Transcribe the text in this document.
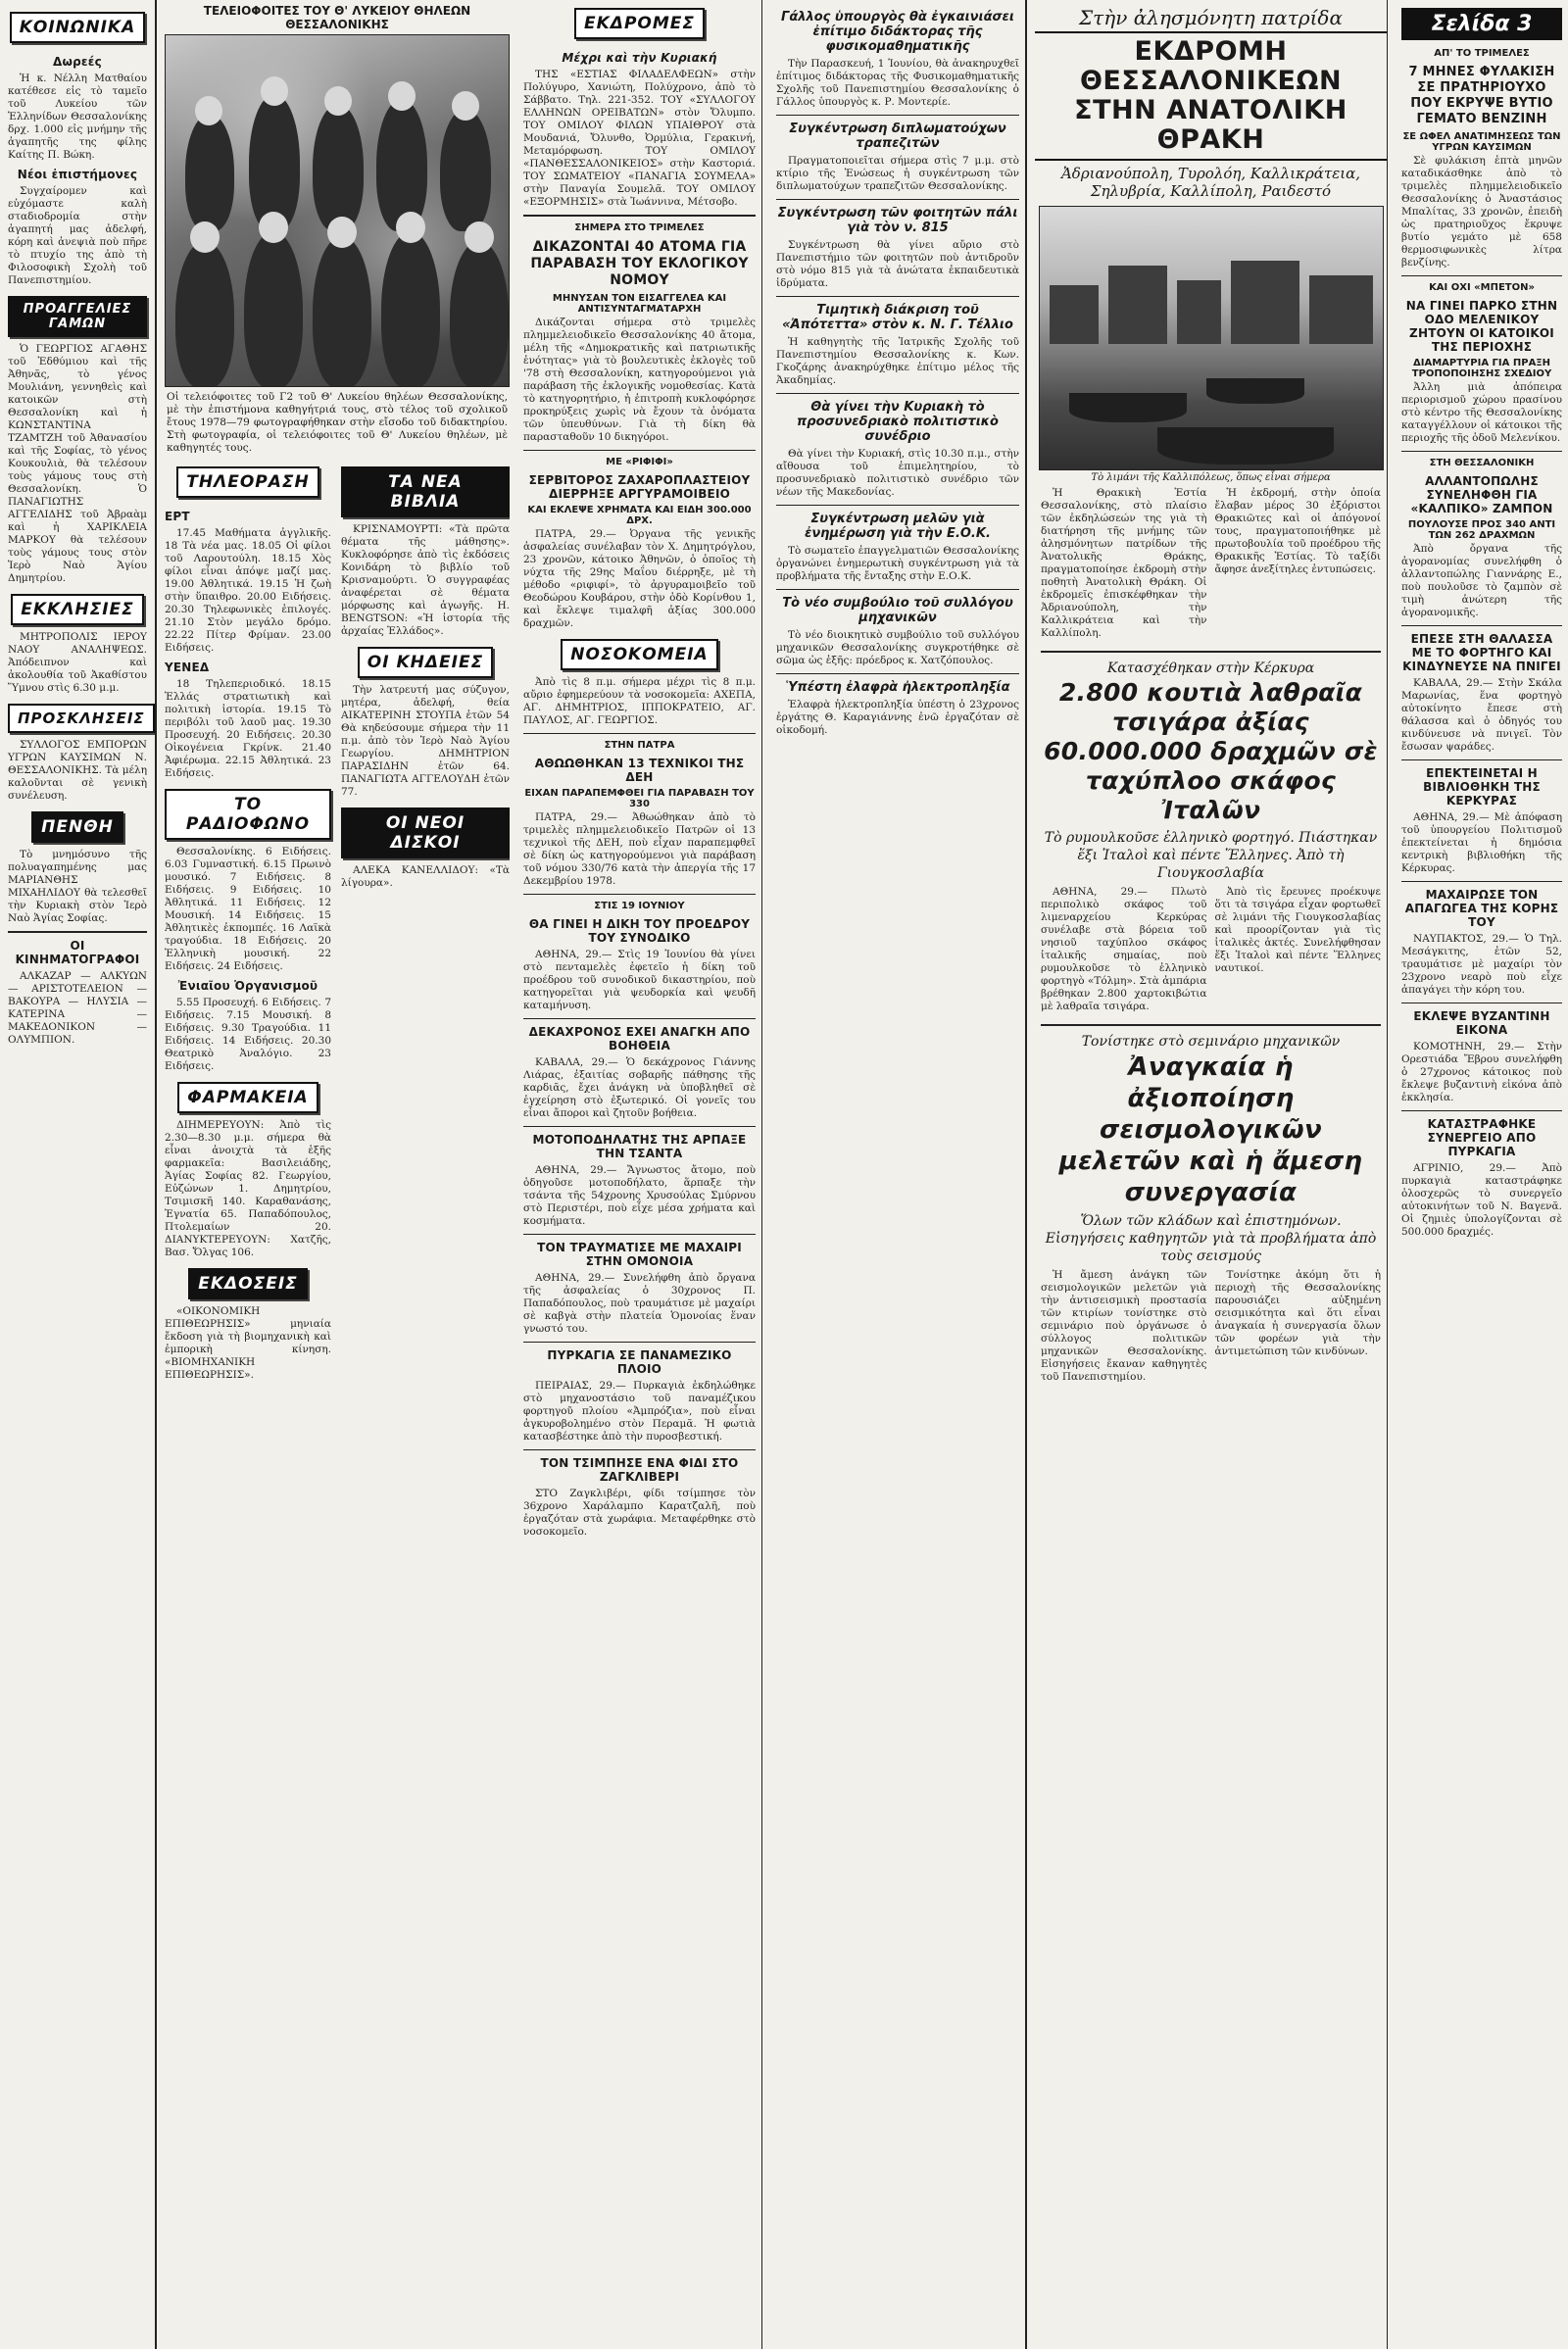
ΚΟΙΝΩΝΙΚΑ
Δωρεές

Ἡ κ. Νέλλη Ματθαίου κατέθεσε εἰς τὸ ταμεῖο τοῦ Λυκείου τῶν Ἑλληνίδων Θεσσαλονίκης δρχ. 1.000 εἰς μνήμην τῆς ἀγαπητῆς της φίλης Καίτης Π. Βώκη.

Νέοι ἐπιστήμονες

Συγχαίρομεν καὶ εὐχόμαστε καλὴ σταδιοδρομία στὴν ἀγαπητή μας ἀδελφή, κόρη καὶ ἀνεψιὰ ποὺ πῆρε τὸ πτυχίο της ἀπὸ τὴ Φιλοσοφικὴ Σχολὴ τοῦ Πανεπιστημίου.

ΠΡΟΑΓΓΕΛΙΕΣ ΓΑΜΩΝ

Ὁ ΓΕΩΡΓΙΟΣ ΑΓΑΘΗΣ τοῦ Ἐδθύμιου καὶ τῆς Ἀθηνᾶς, τὸ γένος Μουλιάνη, γεννηθεὶς καὶ κατοικῶν στὴ Θεσσαλονίκη καὶ ἡ ΚΩΝΣΤΑΝΤΙΝΑ ΤΖΑΜΤΖΗ τοῦ Ἀθανασίου καὶ τῆς Σοφίας, τὸ γένος Κουκουλιὰ, θὰ τελέσουν τοὺς γάμους τους στὴ Θεσσαλονίκη. Ὁ ΠΑΝΑΓΙΩΤΗΣ ΑΓΓΕΛΙΔΗΣ τοῦ Ἀβραὰμ καὶ ἡ ΧΑΡΙΚΛΕΙΑ ΜΑΡΚΟΥ θὰ τελέσουν τοὺς γάμους τους στὸν Ἱερὸ Ναὸ Ἁγίου Δημητρίου.

ΕΚΚΛΗΣΙΕΣ

ΜΗΤΡΟΠΟΛΙΣ ΙΕΡΟΥ ΝΑΟΥ ΑΝΑΛΗΨΕΩΣ. Ἀπόδειπνον καὶ ἀκολουθία τοῦ Ἀκαθίστου Ὕμνου στὶς 6.30 μ.μ.

ΠΡΟΣΚΛΗΣΕΙΣ

ΣΥΛΛΟΓΟΣ ΕΜΠΟΡΩΝ ΥΓΡΩΝ ΚΑΥΣΙΜΩΝ Ν. ΘΕΣΣΑΛΟΝΙΚΗΣ. Τὰ μέλη καλοῦνται σὲ γενικὴ συνέλευση.

ΠΕΝΘΗ

Τὸ μνημόσυνο τῆς πολυαγαπημένης μας ΜΑΡΙΑΝΘΗΣ ΜΙΧΑΗΛΙΔΟΥ θὰ τελεσθεῖ τὴν Κυριακὴ στὸν Ἱερὸ Ναὸ Ἁγίας Σοφίας.

ΟΙ ΚΙΝΗΜΑΤΟΓΡΑΦΟΙ

ΑΛΚΑΖΑΡ — ΑΛΚΥΩΝ — ΑΡΙΣΤΟΤΕΛΕΙΟΝ — ΒΑΚΟΥΡΑ — ΗΛΥΣΙΑ — ΚΑΤΕΡΙΝΑ — ΜΑΚΕΔΟΝΙΚΟΝ — ΟΛΥΜΠΙΟΝ.

ΤΕΛΕΙΟΦΟΙΤΕΣ ΤΟΥ Θ' ΛΥΚΕΙΟΥ ΘΗΛΕΩΝ ΘΕΣΣΑΛΟΝΙΚΗΣ
Οἱ τελειόφοιτες τοῦ Γ2 τοῦ Θ' Λυκείου θηλέων Θεσσαλονίκης, μὲ τὴν ἐπιστήμονα καθηγήτριά τους, στὸ τέλος τοῦ σχολικοῦ ἔτους 1978—79 φωτογραφήθηκαν στὴν εἴσοδο τοῦ διδακτηρίου. Στὴ φωτογραφία, οἱ τελειόφοιτες τοῦ Θ' Λυκείου θηλέων, μὲ καθηγητές τους.
ΤΗΛΕΟΡΑΣΗ
ΕΡΤ

17.45 Μαθήματα ἀγγλικῆς. 18 Τὰ νέα μας. 18.05 Οἱ φίλοι τοῦ Λαρουτούλη. 18.15 Χὸς φίλοι εἶναι ἀπόψε μαζί μας. 19.00 Ἀθλητικά. 19.15 Ἡ ζωὴ στὴν ὕπαιθρο. 20.00 Ειδήσεις. 20.30 Τηλεφωνικὲς ἐπιλογές. 21.10 Στὸν μεγάλο δρόμο. 22.22 Πίτερ Φρίμαν. 23.00 Ειδήσεις.

ΥΕΝΕΔ

18 Τηλεπεριοδικό. 18.15 Ἑλλάς στρατιωτικὴ καὶ πολιτικὴ ἱστορία. 19.15 Τὸ περιβόλι τοῦ λαοῦ μας. 19.30 Προσευχή. 20 Ειδήσεις. 20.30 Οἰκογένεια Γκρίνκ. 21.40 Ἀφιέρωμα. 22.15 Ἀθλητικά. 23 Ειδήσεις.

ΤΟ ΡΑΔΙΟΦΩΝΟ

Θεσσαλονίκης. 6 Ειδήσεις. 6.03 Γυμναστική. 6.15 Πρωινὸ μουσικό. 7 Ειδήσεις. 8 Ειδήσεις. 9 Ειδήσεις. 10 Ἀθλητικά. 11 Ειδήσεις. 12 Μουσική. 14 Ειδήσεις. 15 Ἀθλητικὲς ἐκπομπές. 16 Λαϊκὰ τραγούδια. 18 Ειδήσεις. 20 Ἐλληνικὴ μουσική. 22 Ειδήσεις. 24 Ειδήσεις.

Ἐνιαῖου Ὀργανισμοῦ

5.55 Προσευχή. 6 Ειδήσεις. 7 Ειδήσεις. 7.15 Μουσική. 8 Ειδήσεις. 9.30 Τραγούδια. 11 Ειδήσεις. 14 Ειδήσεις. 20.30 Θεατρικὸ Ἀναλόγιο. 23 Ειδήσεις.

ΦΑΡΜΑΚΕΙΑ

ΔΙΗΜΕΡΕΥΟΥΝ: Ἀπὸ τὶς 2.30—8.30 μ.μ. σήμερα θὰ εἶναι ἀνοιχτὰ τὰ ἑξῆς φαρμακεῖα: Βασιλειάδης, Ἁγίας Σοφίας 82. Γεωργίου, Εὐζώνων 1. Δημητρίου, Τσιμισκῆ 140. Καραθανάσης, Ἐγνατία 65. Παπαδόπουλος, Πτολεμαίων 20. ΔΙΑΝΥΚΤΕΡΕΥΟΥΝ: Χατζῆς, Βασ. Ὄλγας 106.

ΕΚΔΟΣΕΙΣ

«ΟΙΚΟΝΟΜΙΚΗ ΕΠΙΘΕΩΡΗΣΙΣ» μηνιαία ἔκδοση γιὰ τὴ βιομηχανικὴ καὶ ἐμπορικὴ κίνηση. «ΒΙΟΜΗΧΑΝΙΚΗ ΕΠΙΘΕΩΡΗΣΙΣ».

ΤΑ ΝΕΑ ΒΙΒΛΙΑ

ΚΡΙΣΝΑΜΟΥΡΤΙ: «Τὰ πρῶτα θέματα τῆς μάθησης». Κυκλοφόρησε ἀπὸ τὶς ἐκδόσεις Κονιδάρη τὸ βιβλίο τοῦ Κρισναμούρτι. Ὁ συγγραφέας ἀναφέρεται σὲ θέματα μόρφωσης καὶ ἀγωγῆς. H. BENGTSON: «Ἡ ἱστορία τῆς ἀρχαίας Ἑλλάδος».

ΟΙ ΚΗΔΕΙΕΣ

Τὴν λατρευτή μας σύζυγον, μητέρα, ἀδελφή, θεία ΑΙΚΑΤΕΡΙΝΗ ΣΤΟΥΠΑ ἐτῶν 54 Θὰ κηδεύσουμε σήμερα τὴν 11 π.μ. ἀπὸ τὸν Ἱερὸ Ναὸ Ἁγίου Γεωργίου. ΔΗΜΗΤΡΙΟΝ ΠΑΡΑΣΙΔΗΝ ἐτῶν 64. ΠΑΝΑΓΙΩΤΑ ΑΓΓΕΛΟΥΔΗ ἐτῶν 77.

ΟΙ ΝΕΟΙ ΔΙΣΚΟΙ

ΑΛΕΚΑ ΚΑΝΕΛΛΙΔΟΥ: «Τὰ λίγουρα».

ΕΚΔΡΟΜΕΣ
Μέχρι καὶ τὴν Κυριακή

ΤΗΣ «ΕΣΤΙΑΣ ΦΙΛΑΔΕΛΦΕΩΝ» στὴν Πολύγυρο, Χανιώτη, Πολύχρονο, ἀπὸ τὸ Σάββατο. Τηλ. 221-352. ΤΟΥ «ΣΥΛΛΟΓΟΥ ΕΛΛΗΝΩΝ ΟΡΕΙΒΑΤΩΝ» στὸν Ὄλυμπο. ΤΟΥ ΟΜΙΛΟΥ ΦΙΛΩΝ ΥΠΑΙΘΡΟΥ στὰ Μουδανιά, Ὄλυνθο, Ὀρμύλια, Γερακινή, Μεταμόρφωση. ΤΟΥ ΟΜΙΛΟΥ «ΠΑΝΘΕΣΣΑΛΟΝΙΚΕΙΟΣ» στὴν Καστοριά. ΤΟΥ ΣΩΜΑΤΕΙΟΥ «ΠΑΝΑΓΙΑ ΣΟΥΜΕΛΑ» στὴν Παναγία Σουμελᾶ. ΤΟΥ ΟΜΙΛΟΥ «ΕΞΟΡΜΗΣΙΣ» στὰ Ἰωάννινα, Μέτσοβο.

ΣΗΜΕΡΑ ΣΤΟ ΤΡΙΜΕΛΕΣ
ΔΙΚΑΖΟΝΤΑΙ 40 ΑΤΟΜΑ ΓΙΑ ΠΑΡΑΒΑΣΗ ΤΟΥ ΕΚΛΟΓΙΚΟΥ ΝΟΜΟΥ
ΜΗΝΥΣΑΝ ΤΟΝ ΕΙΣΑΓΓΕΛΕΑ ΚΑΙ ΑΝΤΙΣΥΝΤΑΓΜΑΤΑΡΧΗ

Δικάζονται σήμερα στὸ τριμελὲς πλημμελειοδικεῖο Θεσσαλονίκης 40 ἄτομα, μέλη τῆς «Δημοκρατικῆς καὶ πατριωτικῆς ἑνότητας» γιὰ τὸ βουλευτικὲς ἐκλογὲς τοῦ '78 στὴ Θεσσαλονίκη, κατηγορούμενοι γιὰ παράβαση τῆς ἐκλογικῆς νομοθεσίας. Κατὰ τὸ κατηγορητήριο, ἡ ἐπιτροπὴ κυκλοφόρησε προκηρύξεις χωρὶς νὰ ἔχουν τὰ ὀνόματα τῶν ὑπευθύνων. Γιὰ τὴ δίκη θὰ παρασταθοῦν 10 δικηγόροι.

ΜΕ «ΡΙΦΙΦΙ»
ΣΕΡΒΙΤΟΡΟΣ ΖΑΧΑΡΟΠΛΑΣΤΕΙΟΥ ΔΙΕΡΡΗΞΕ ΑΡΓΥΡΑΜΟΙΒΕΙΟ
ΚΑΙ ΕΚΛΕΨΕ ΧΡΗΜΑΤΑ ΚΑΙ ΕΙΔΗ 300.000 ΔΡΧ.

ΠΑΤΡΑ, 29.— Ὀργανα τῆς γενικῆς ἀσφαλείας συνέλαβαν τὸν Χ. Δημητρόγλου, 23 χρονῶν, κάτοικο Ἀθηνῶν, ὁ ὁποῖος τὴ νύχτα τῆς 29ης Μαΐου διέρρηξε, μὲ τὴ μέθοδο «ριφιφί», τὸ ἀργυραμοιβεῖο τοῦ Θεοδώρου Κουβάρου, στὴν ὁδὸ Κορίνθου 1, καὶ ἔκλεψε τιμαλφῆ ἀξίας 300.000 δραχμῶν.

ΝΟΣΟΚΟΜΕΙΑ

Ἀπὸ τὶς 8 π.μ. σήμερα μέχρι τὶς 8 π.μ. αὔριο ἐφημερεύουν τὰ νοσοκομεῖα: ΑΧΕΠΑ, ΑΓ. ΔΗΜΗΤΡΙΟΣ, ΙΠΠΟΚΡΑΤΕΙΟ, ΑΓ. ΠΑΥΛΟΣ, ΑΓ. ΓΕΩΡΓΙΟΣ.

ΣΤΗΝ ΠΑΤΡΑ
ΑΘΩΩΘΗΚΑΝ 13 ΤΕΧΝΙΚΟΙ ΤΗΣ ΔΕΗ
ΕΙΧΑΝ ΠΑΡΑΠΕΜΦΘΕΙ ΓΙΑ ΠΑΡΑΒΑΣΗ ΤΟΥ 330

ΠΑΤΡΑ, 29.— Ἀθωώθηκαν ἀπὸ τὸ τριμελὲς πλημμελειοδικεῖο Πατρῶν οἱ 13 τεχνικοὶ τῆς ΔΕΗ, ποὺ εἶχαν παραπεμφθεῖ σὲ δίκη ὡς κατηγορούμενοι γιὰ παράβαση τοῦ νόμου 330/76 κατὰ τὴν ἀπεργία τῆς 17 Δεκεμβρίου 1978.

ΣΤΙΣ 19 ΙΟΥΝΙΟΥ
ΘΑ ΓΙΝΕΙ Η ΔΙΚΗ ΤΟΥ ΠΡΟΕΔΡΟΥ ΤΟΥ ΣΥΝΟΔΙΚΟ

ΑΘΗΝΑ, 29.— Στὶς 19 Ἰουνίου θὰ γίνει στὸ πενταμελὲς ἐφετεῖο ἡ δίκη τοῦ προέδρου τοῦ συνοδικοῦ δικαστηρίου, ποὺ κατηγορεῖται γιὰ ψευδορκία καὶ ψευδῆ καταμήνυση.

ΔΕΚΑΧΡΟΝΟΣ ΕΧΕΙ ΑΝΑΓΚΗ ΑΠΟ ΒΟΗΘΕΙΑ

ΚΑΒΑΛΑ, 29.— Ὁ δεκάχρονος Γιάννης Λιάρας, ἐξαιτίας σοβαρῆς πάθησης τῆς καρδιᾶς, ἔχει ἀνάγκη νὰ ὑποβληθεῖ σὲ ἐγχείρηση στὸ ἐξωτερικό. Οἱ γονεῖς του εἶναι ἄποροι καὶ ζητοῦν βοήθεια.

ΜΟΤΟΠΟΔΗΛΑΤΗΣ ΤΗΣ ΑΡΠΑΞΕ ΤΗΝ ΤΣΑΝΤΑ

ΑΘΗΝΑ, 29.— Ἄγνωστος ἄτομο, ποὺ ὁδηγοῦσε μοτοποδήλατο, ἅρπαξε τὴν τσάντα τῆς 54χρονης Χρυσούλας Σμύρνου στὸ Περιστέρι, ποὺ εἶχε μέσα χρήματα καὶ κοσμήματα.

ΤΟΝ ΤΡΑΥΜΑΤΙΣΕ ΜΕ ΜΑΧΑΙΡΙ ΣΤΗΝ ΟΜΟΝΟΙΑ

ΑΘΗΝΑ, 29.— Συνελήφθη ἀπὸ ὄργανα τῆς ἀσφαλείας ὁ 30χρονος Π. Παπαδόπουλος, ποὺ τραυμάτισε μὲ μαχαίρι σὲ καβγὰ στὴν πλατεία Ὁμονοίας ἕναν γνωστό του.

ΠΥΡΚΑΓΙΑ ΣΕ ΠΑΝΑΜΕΖΙΚΟ ΠΛΟΙΟ

ΠΕΙΡΑΙΑΣ, 29.— Πυρκαγιὰ ἐκδηλώθηκε στὸ μηχανοστάσιο τοῦ παναμέζικου φορτηγοῦ πλοίου «Ἀμπρόζια», ποὺ εἶναι ἀγκυροβολημένο στὸν Περαμᾶ. Ἡ φωτιὰ κατασβέστηκε ἀπὸ τὴν πυροσβεστική.

ΤΟΝ ΤΣΙΜΠΗΣΕ ΕΝΑ ΦΙΔΙ ΣΤΟ ΖΑΓΚΛΙΒΕΡΙ

ΣΤΟ Ζαγκλιβέρι, φίδι τσίμπησε τὸν 36χρονο Χαράλαμπο Καρατζαλῆ, ποὺ ἐργαζόταν στὰ χωράφια. Μεταφέρθηκε στὸ νοσοκομεῖο.

Γάλλος ὑπουργὸς θὰ ἐγκαινιάσει ἐπίτιμο διδάκτορας τῆς φυσικομαθηματικῆς

Τὴν Παρασκευή, 1 Ἰουνίου, θὰ ἀνακηρυχθεῖ ἐπίτιμος διδάκτορας τῆς Φυσικομαθηματικῆς Σχολῆς τοῦ Πανεπιστημίου Θεσσαλονίκης ὁ Γάλλος ὑπουργὸς κ. Ρ. Μοντερίε.

Συγκέντρωση διπλωματούχων τραπεζιτῶν

Πραγματοποιεῖται σήμερα στὶς 7 μ.μ. στὸ κτίριο τῆς Ἐνώσεως ἡ συγκέντρωση τῶν διπλωματούχων τραπεζιτῶν Θεσσαλονίκης.

Συγκέντρωση τῶν φοιτητῶν πάλι γιὰ τὸν ν. 815

Συγκέντρωση θὰ γίνει αὔριο στὸ Πανεπιστήμιο τῶν φοιτητῶν ποὺ ἀντιδροῦν στὸ νόμο 815 γιὰ τὰ ἀνώτατα ἐκπαιδευτικὰ ἱδρύματα.

Τιμητικὴ διάκριση τοῦ «Ἀπότεττα» στὸν κ. Ν. Γ. Τέλλιο

Ἡ καθηγητὴς τῆς Ἰατρικῆς Σχολῆς τοῦ Πανεπιστημίου Θεσσαλονίκης κ. Κων. Γκοζάρης ἀνακηρύχθηκε ἐπίτιμο μέλος τῆς Ἀκαδημίας.

Θὰ γίνει τὴν Κυριακὴ τὸ προσυνεδριακὸ πολιτιστικὸ συνέδριο

Θὰ γίνει τὴν Κυριακή, στὶς 10.30 π.μ., στὴν αἴθουσα τοῦ ἐπιμελητηρίου, τὸ προσυνεδριακὸ πολιτιστικὸ συνέδριο τῶν νέων τῆς Μακεδονίας.

Συγκέντρωση μελῶν γιὰ ἐνημέρωση γιὰ τὴν Ε.Ο.Κ.

Τὸ σωματεῖο ἐπαγγελματιῶν Θεσσαλονίκης ὀργανώνει ἐνημερωτικὴ συγκέντρωση γιὰ τὰ προβλήματα τῆς ἔνταξης στὴν Ε.Ο.Κ.

Τὸ νέο συμβούλιο τοῦ συλλόγου μηχανικῶν

Τὸ νέο διοικητικὸ συμβούλιο τοῦ συλλόγου μηχανικῶν Θεσσαλονίκης συγκροτήθηκε σὲ σῶμα ὡς ἑξῆς: πρόεδρος κ. Χατζόπουλος.

Ὑπέστη ἐλαφρὰ ἠλεκτροπληξία

Ἐλαφρὰ ἠλεκτροπληξία ὑπέστη ὁ 23χρονος ἐργάτης Θ. Καραγιάννης ἐνῶ ἐργαζόταν σὲ οἰκοδομή.

Στὴν ἀλησμόνητη πατρίδα
ΕΚΔΡΟΜΗ ΘΕΣΣΑΛΟΝΙΚΕΩΝ ΣΤΗΝ ΑΝΑΤΟΛΙΚΗ ΘΡΑΚΗ
Ἀδριανούπολη, Τυρολόη, Καλλικράτεια, Σηλυβρία, Καλλίπολη, Ραιδεστό
Τὸ λιμάνι τῆς Καλλιπόλεως, ὅπως εἶναι σήμερα

Ἡ Θρακικὴ Ἑστία Θεσσαλονίκης, στὸ πλαίσιο τῶν ἐκδηλώσεών της γιὰ τὴ διατήρηση τῆς μνήμης τῶν ἀλησμόνητων πατρίδων τῆς Ἀνατολικῆς Θράκης, πραγματοποίησε ἐκδρομὴ στὴν ποθητὴ Ἀνατολικὴ Θράκη. Οἱ ἐκδρομεῖς ἐπισκέφθηκαν τὴν Ἀδριανούπολη, τὴν Καλλικράτεια καὶ τὴν Καλλίπολη.

Ἡ ἐκδρομή, στὴν ὁποία ἔλαβαν μέρος 30 ἐξόριστοι Θρακιῶτες καὶ οἱ ἀπόγονοί τους, πραγματοποιήθηκε μὲ πρωτοβουλία τοῦ προέδρου τῆς Θρακικῆς Ἑστίας. Τὸ ταξίδι ἄφησε ἀνεξίτηλες ἐντυπώσεις.

Κατασχέθηκαν στὴν Κέρκυρα
2.800 κουτιὰ λαθραῖα τσιγάρα ἀξίας 60.000.000 δραχμῶν σὲ ταχύπλοο σκάφος Ἰταλῶν
Τὸ ρυμουλκοῦσε ἑλληνικὸ φορτηγό. Πιάστηκαν ἕξι Ἰταλοὶ καὶ πέντε Ἕλληνες. Ἀπὸ τὴ Γιουγκοσλαβία

ΑΘΗΝΑ, 29.— Πλωτὸ περιπολικὸ σκάφος τοῦ λιμεναρχείου Κερκύρας συνέλαβε στὰ βόρεια τοῦ νησιοῦ ταχύπλοο σκάφος ἰταλικῆς σημαίας, ποὺ ρυμουλκοῦσε τὸ ἑλληνικὸ φορτηγὸ «Τόλμη». Στὰ ἀμπάρια βρέθηκαν 2.800 χαρτοκιβώτια μὲ λαθραῖα τσιγάρα.

Ἀπὸ τὶς ἔρευνες προέκυψε ὅτι τὰ τσιγάρα εἶχαν φορτωθεῖ σὲ λιμάνι τῆς Γιουγκοσλαβίας καὶ προορίζονταν γιὰ τὶς ἰταλικὲς ἀκτές. Συνελήφθησαν ἕξι Ἰταλοὶ καὶ πέντε Ἕλληνες ναυτικοί.

Τονίστηκε στὸ σεμινάριο μηχανικῶν
Ἀναγκαία ἡ ἀξιοποίηση σεισμολογικῶν μελετῶν καὶ ἡ ἄμεση συνεργασία
Ὅλων τῶν κλάδων καὶ ἐπιστημόνων. Εἰσηγήσεις καθηγητῶν γιὰ τὰ προβλήματα ἀπὸ τοὺς σεισμούς

Ἡ ἄμεση ἀνάγκη τῶν σεισμολογικῶν μελετῶν γιὰ τὴν ἀντισεισμικὴ προστασία τῶν κτιρίων τονίστηκε στὸ σεμινάριο ποὺ ὀργάνωσε ὁ σύλλογος πολιτικῶν μηχανικῶν Θεσσαλονίκης. Εἰσηγήσεις ἔκαναν καθηγητὲς τοῦ Πανεπιστημίου.

Τονίστηκε ἀκόμη ὅτι ἡ περιοχὴ τῆς Θεσσαλονίκης παρουσιάζει αὐξημένη σεισμικότητα καὶ ὅτι εἶναι ἀναγκαία ἡ συνεργασία ὅλων τῶν φορέων γιὰ τὴν ἀντιμετώπιση τῶν κινδύνων.

Σελίδα 3
ΑΠ' ΤΟ ΤΡΙΜΕΛΕΣ
7 ΜΗΝΕΣ ΦΥΛΑΚΙΣΗ ΣΕ ΠΡΑΤΗΡΙΟΥΧΟ ΠΟΥ ΕΚΡΥΨΕ ΒΥΤΙΟ ΓΕΜΑΤΟ ΒΕΝΖΙΝΗ
ΣΕ ΩΦΕΛ ΑΝΑΤΙΜΗΣΕΩΣ ΤΩΝ ΥΓΡΩΝ ΚΑΥΣΙΜΩΝ

Σὲ φυλάκιση ἑπτὰ μηνῶν καταδικάσθηκε ἀπὸ τὸ τριμελὲς πλημμελειοδικεῖο Θεσσαλονίκης ὁ Ἀναστάσιος Μπαλίτας, 33 χρονῶν, ἐπειδὴ ὡς πρατηριοῦχος ἔκρυψε βυτίο γεμάτο μὲ 658 θερμοσιφωνικὲς λίτρα βενζίνης.

ΚΑΙ ΟΧΙ «ΜΠΕΤΟΝ»
ΝΑ ΓΙΝΕΙ ΠΑΡΚΟ ΣΤΗΝ ΟΔΟ ΜΕΛΕΝΙΚΟΥ ΖΗΤΟΥΝ ΟΙ ΚΑΤΟΙΚΟΙ ΤΗΣ ΠΕΡΙΟΧΗΣ
ΔΙΑΜΑΡΤΥΡΙΑ ΓΙΑ ΠΡΑΞΗ ΤΡΟΠΟΠΟΙΗΣΗΣ ΣΧΕΔΙΟΥ

Ἀλλη μιὰ ἀπόπειρα περιορισμοῦ χώρου πρασίνου στὸ κέντρο τῆς Θεσσαλονίκης καταγγέλλουν οἱ κάτοικοι τῆς περιοχῆς τῆς ὁδοῦ Μελενίκου.

ΣΤΗ ΘΕΣΣΑΛΟΝΙΚΗ
ΑΛΛΑΝΤΟΠΩΛΗΣ ΣΥΝΕΛΗΦΘΗ ΓΙΑ «ΚΑΛΠΙΚΟ» ΖΑΜΠΟΝ
ΠΟΥΛΟΥΣΕ ΠΡΟΣ 340 ΑΝΤΙ ΤΩΝ 262 ΔΡΑΧΜΩΝ

Ἀπὸ ὄργανα τῆς ἀγορανομίας συνελήφθη ὁ ἀλλαντοπώλης Γιαννάρης Ε., ποὺ πουλοῦσε τὸ ζαμπὸν σὲ τιμὴ ἀνώτερη τῆς ἀγορανομικῆς.

ΕΠΕΣΕ ΣΤΗ ΘΑΛΑΣΣΑ ΜΕ ΤΟ ΦΟΡΤΗΓΟ ΚΑΙ ΚΙΝΔΥΝΕΥΣΕ ΝΑ ΠΝΙΓΕΙ

ΚΑΒΑΛΑ, 29.— Στὴν Σκάλα Μαρωνίας, ἕνα φορτηγὸ αὐτοκίνητο ἔπεσε στὴ θάλασσα καὶ ὁ ὁδηγός του κινδύνευσε νὰ πνιγεῖ. Τὸν ἔσωσαν ψαράδες.

ΕΠΕΚΤΕΙΝΕΤΑΙ Η ΒΙΒΛΙΟΘΗΚΗ ΤΗΣ ΚΕΡΚΥΡΑΣ

ΑΘΗΝΑ, 29.— Μὲ ἀπόφαση τοῦ ὑπουργείου Πολιτισμοῦ ἐπεκτείνεται ἡ δημόσια κεντρικὴ βιβλιοθήκη τῆς Κέρκυρας.

ΜΑΧΑΙΡΩΣΕ ΤΟΝ ΑΠΑΓΩΓΕΑ ΤΗΣ ΚΟΡΗΣ ΤΟΥ

ΝΑΥΠΑΚΤΟΣ, 29.— Ὁ Τηλ. Μεσάγκιτης, ἐτῶν 52, τραυμάτισε μὲ μαχαίρι τὸν 23χρονο νεαρὸ ποὺ εἶχε ἀπαγάγει τὴν κόρη του.

ΕΚΛΕΨΕ ΒΥΖΑΝΤΙΝΗ ΕΙΚΟΝΑ

ΚΟΜΟΤΗΝΗ, 29.— Στὴν Ορεστιάδα Ἔβρου συνελήφθη ὁ 27χρονος κάτοικος ποὺ ἔκλεψε βυζαντινὴ εἰκόνα ἀπὸ ἐκκλησία.

ΚΑΤΑΣΤΡΑΦΗΚΕ ΣΥΝΕΡΓΕΙΟ ΑΠΟ ΠΥΡΚΑΓΙΑ

ΑΓΡΙΝΙΟ, 29.— Ἀπὸ πυρκαγιὰ καταστράφηκε ὁλοσχερῶς τὸ συνεργεῖο αὐτοκινήτων τοῦ Ν. Βαγενᾶ. Οἱ ζημιὲς ὑπολογίζονται σὲ 500.000 δραχμές.
